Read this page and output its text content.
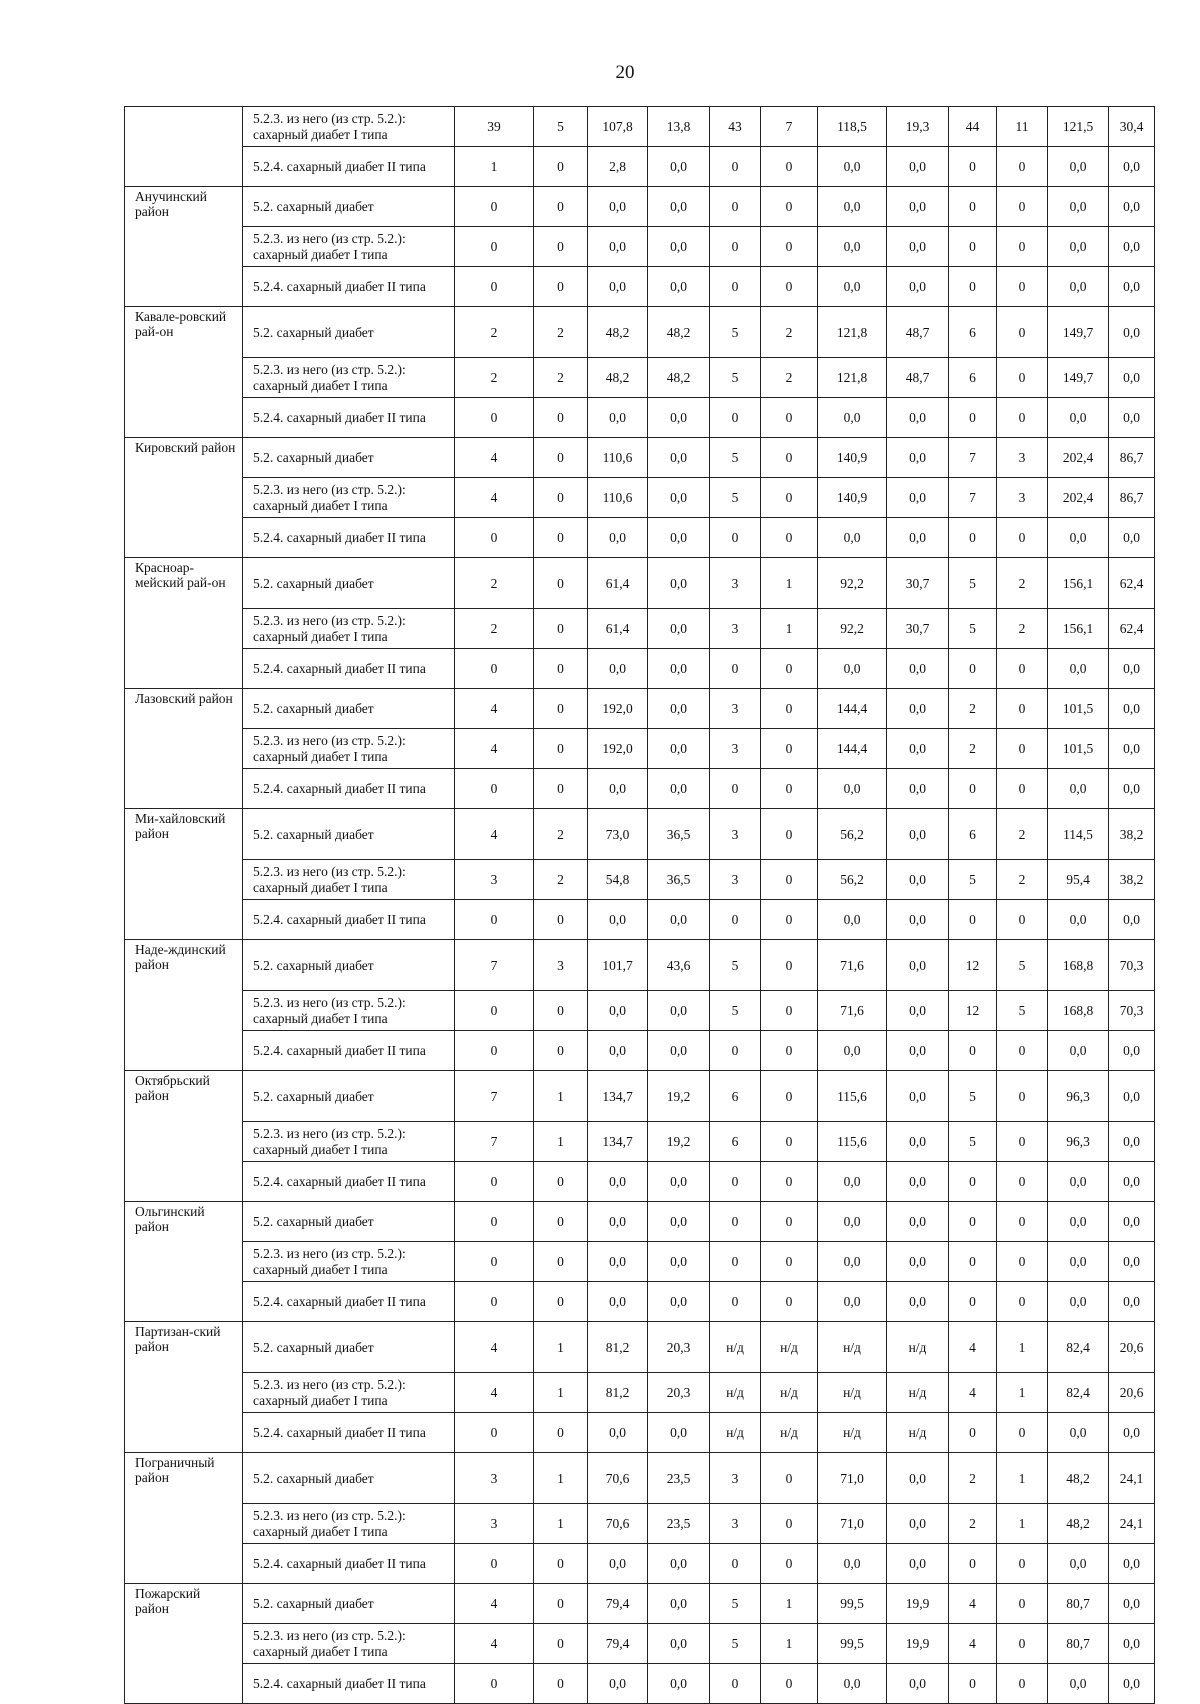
20
	5.2.3. из него (из стр. 5.2.): сахарный диабет I типа	39	5	107,8	13,8	43	7	118,5	19,3	44	11	121,5	30,4
	5.2.4. сахарный диабет II типа	1	0	2,8	0,0	0	0	0,0	0,0	0	0	0,0	0,0
Анучинский район	5.2. сахарный диабет	0	0	0,0	0,0	0	0	0,0	0,0	0	0	0,0	0,0
	5.2.3. из него (из стр. 5.2.): сахарный диабет I типа	0	0	0,0	0,0	0	0	0,0	0,0	0	0	0,0	0,0
	5.2.4. сахарный диабет II типа	0	0	0,0	0,0	0	0	0,0	0,0	0	0	0,0	0,0
Кавале-ровский рай-он	5.2. сахарный диабет	2	2	48,2	48,2	5	2	121,8	48,7	6	0	149,7	0,0
	5.2.3. из него (из стр. 5.2.): сахарный диабет I типа	2	2	48,2	48,2	5	2	121,8	48,7	6	0	149,7	0,0
	5.2.4. сахарный диабет II типа	0	0	0,0	0,0	0	0	0,0	0,0	0	0	0,0	0,0
Кировский район	5.2. сахарный диабет	4	0	110,6	0,0	5	0	140,9	0,0	7	3	202,4	86,7
	5.2.3. из него (из стр. 5.2.): сахарный диабет I типа	4	0	110,6	0,0	5	0	140,9	0,0	7	3	202,4	86,7
	5.2.4. сахарный диабет II типа	0	0	0,0	0,0	0	0	0,0	0,0	0	0	0,0	0,0
Красноар-мейский рай-он	5.2. сахарный диабет	2	0	61,4	0,0	3	1	92,2	30,7	5	2	156,1	62,4
	5.2.3. из него (из стр. 5.2.): сахарный диабет I типа	2	0	61,4	0,0	3	1	92,2	30,7	5	2	156,1	62,4
	5.2.4. сахарный диабет II типа	0	0	0,0	0,0	0	0	0,0	0,0	0	0	0,0	0,0
Лазовский район	5.2. сахарный диабет	4	0	192,0	0,0	3	0	144,4	0,0	2	0	101,5	0,0
	5.2.3. из него (из стр. 5.2.): сахарный диабет I типа	4	0	192,0	0,0	3	0	144,4	0,0	2	0	101,5	0,0
	5.2.4. сахарный диабет II типа	0	0	0,0	0,0	0	0	0,0	0,0	0	0	0,0	0,0
Ми-хайловский район	5.2. сахарный диабет	4	2	73,0	36,5	3	0	56,2	0,0	6	2	114,5	38,2
	5.2.3. из него (из стр. 5.2.): сахарный диабет I типа	3	2	54,8	36,5	3	0	56,2	0,0	5	2	95,4	38,2
	5.2.4. сахарный диабет II типа	0	0	0,0	0,0	0	0	0,0	0,0	0	0	0,0	0,0
Наде-ждинский район	5.2. сахарный диабет	7	3	101,7	43,6	5	0	71,6	0,0	12	5	168,8	70,3
	5.2.3. из него (из стр. 5.2.): сахарный диабет I типа	0	0	0,0	0,0	5	0	71,6	0,0	12	5	168,8	70,3
	5.2.4. сахарный диабет II типа	0	0	0,0	0,0	0	0	0,0	0,0	0	0	0,0	0,0
Октябрьский район	5.2. сахарный диабет	7	1	134,7	19,2	6	0	115,6	0,0	5	0	96,3	0,0
	5.2.3. из него (из стр. 5.2.): сахарный диабет I типа	7	1	134,7	19,2	6	0	115,6	0,0	5	0	96,3	0,0
	5.2.4. сахарный диабет II типа	0	0	0,0	0,0	0	0	0,0	0,0	0	0	0,0	0,0
Ольгинский район	5.2. сахарный диабет	0	0	0,0	0,0	0	0	0,0	0,0	0	0	0,0	0,0
	5.2.3. из него (из стр. 5.2.): сахарный диабет I типа	0	0	0,0	0,0	0	0	0,0	0,0	0	0	0,0	0,0
	5.2.4. сахарный диабет II типа	0	0	0,0	0,0	0	0	0,0	0,0	0	0	0,0	0,0
Партизан-ский район	5.2. сахарный диабет	4	1	81,2	20,3	н/д	н/д	н/д	н/д	4	1	82,4	20,6
	5.2.3. из него (из стр. 5.2.): сахарный диабет I типа	4	1	81,2	20,3	н/д	н/д	н/д	н/д	4	1	82,4	20,6
	5.2.4. сахарный диабет II типа	0	0	0,0	0,0	н/д	н/д	н/д	н/д	0	0	0,0	0,0
Пограничный район	5.2. сахарный диабет	3	1	70,6	23,5	3	0	71,0	0,0	2	1	48,2	24,1
	5.2.3. из него (из стр. 5.2.): сахарный диабет I типа	3	1	70,6	23,5	3	0	71,0	0,0	2	1	48,2	24,1
	5.2.4. сахарный диабет II типа	0	0	0,0	0,0	0	0	0,0	0,0	0	0	0,0	0,0
Пожарский район	5.2. сахарный диабет	4	0	79,4	0,0	5	1	99,5	19,9	4	0	80,7	0,0
	5.2.3. из него (из стр. 5.2.): сахарный диабет I типа	4	0	79,4	0,0	5	1	99,5	19,9	4	0	80,7	0,0
	5.2.4. сахарный диабет II типа	0	0	0,0	0,0	0	0	0,0	0,0	0	0	0,0	0,0
